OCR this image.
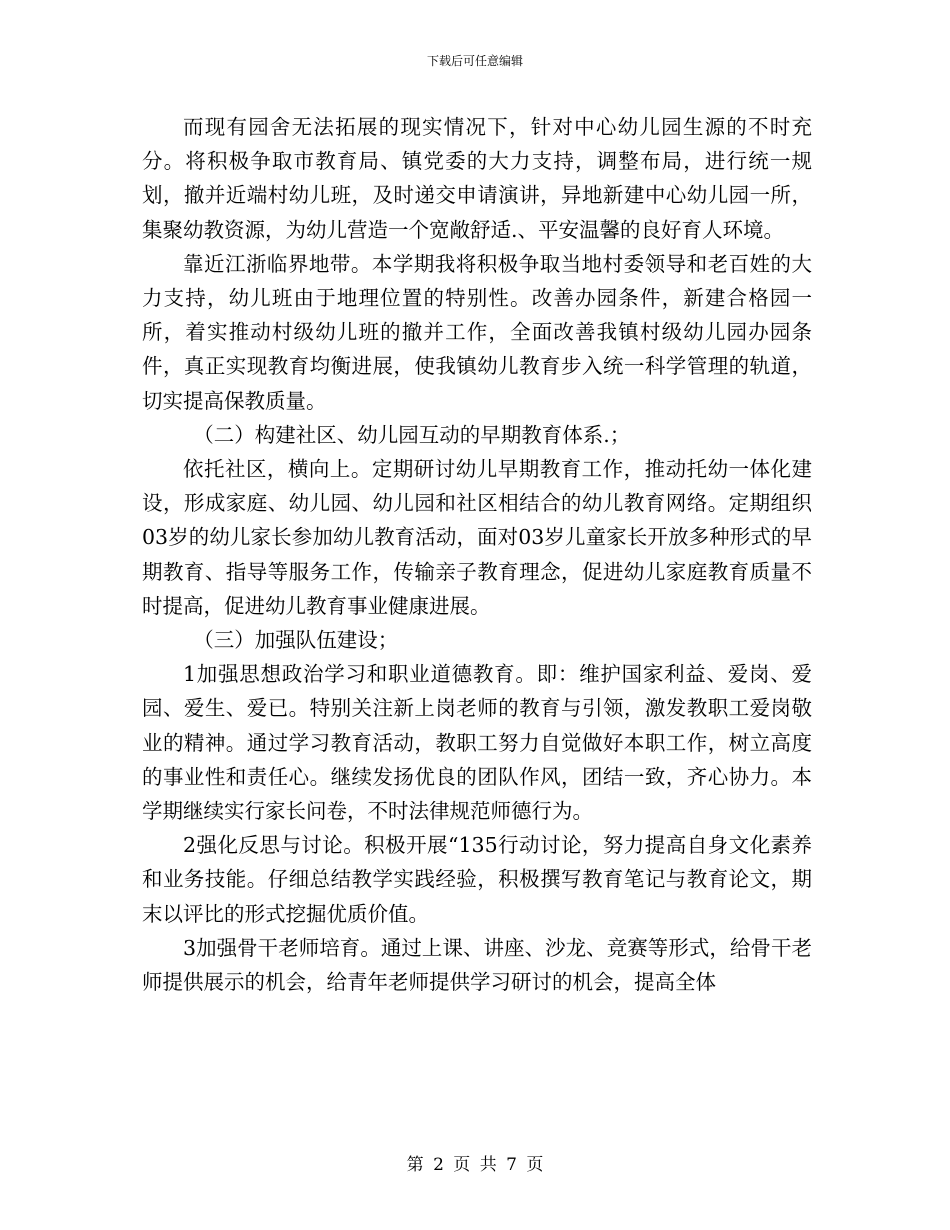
下载后可任意编辑

而现有园舍无法拓展的现实情况下，针对中心幼儿园生源的不时充分。将积极争取市教育局、镇党委的大力支持，调整布局，进行统一规划，撤并近端村幼儿班，及时递交申请演讲，异地新建中心幼儿园一所，集聚幼教资源，为幼儿营造一个宽敞舒适.、平安温馨的良好育人环境。

靠近江浙临界地带。本学期我将积极争取当地村委领导和老百姓的大力支持，幼儿班由于地理位置的特别性。改善办园条件，新建合格园一所，着实推动村级幼儿班的撤并工作，全面改善我镇村级幼儿园办园条件，真正实现教育均衡进展，使我镇幼儿教育步入统一科学管理的轨道，切实提高保教质量。

（二）构建社区、幼儿园互动的早期教育体系.；

依托社区，横向上。定期研讨幼儿早期教育工作，推动托幼一体化建设，形成家庭、幼儿园、幼儿园和社区相结合的幼儿教育网络。定期组织03岁的幼儿家长参加幼儿教育活动，面对03岁儿童家长开放多种形式的早期教育、指导等服务工作，传输亲子教育理念，促进幼儿家庭教育质量不时提高，促进幼儿教育事业健康进展。

（三）加强队伍建设；

1加强思想政治学习和职业道德教育。即：维护国家利益、爱岗、爱园、爱生、爱已。特别关注新上岗老师的教育与引领，激发教职工爱岗敬业的精神。通过学习教育活动，教职工努力自觉做好本职工作，树立高度的事业性和责任心。继续发扬优良的团队作风，团结一致，齐心协力。本学期继续实行家长问卷，不时法律规范师德行为。

2强化反思与讨论。积极开展“135行动讨论，努力提高自身文化素养和业务技能。仔细总结教学实践经验，积极撰写教育笔记与教育论文，期末以评比的形式挖掘优质价值。

3加强骨干老师培育。通过上课、讲座、沙龙、竞赛等形式，给骨干老师提供展示的机会，给青年老师提供学习研讨的机会，提高全体

第 2 页 共 7 页
